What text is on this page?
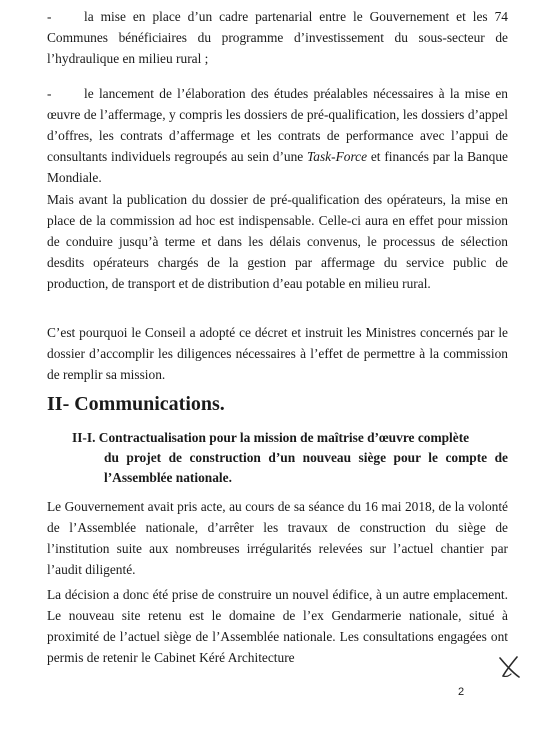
-	la mise en place d’un cadre partenarial entre le Gouvernement et les 74 Communes bénéficiaires du programme d’investissement du sous-secteur de l’hydraulique en milieu rural ;

-	le lancement de l’élaboration des études préalables nécessaires à la mise en œuvre de l’affermage, y compris les dossiers de pré-qualification, les dossiers d’appel d’offres, les contrats d’affermage et les contrats de performance avec l’appui de consultants individuels regroupés au sein d’une Task-Force et financés par la Banque Mondiale.

Mais avant la publication du dossier de pré-qualification des opérateurs, la mise en place de la commission ad hoc est indispensable. Celle-ci aura en effet pour mission de conduire jusqu’à terme et dans les délais convenus, le processus de sélection desdits opérateurs chargés de la gestion par affermage du service public de production, de transport et de distribution d’eau potable en milieu rural.

C’est pourquoi le Conseil a adopté ce décret et instruit les Ministres concernés par le dossier d’accomplir les diligences nécessaires à l’effet de permettre à la commission de remplir sa mission.

II- Communications.
II-I. Contractualisation pour la mission de maîtrise d’œuvre complète
du projet de construction d’un nouveau siège pour le compte de l’Assemblée nationale.

Le Gouvernement avait pris acte, au cours de sa séance du 16 mai 2018, de la volonté de l’Assemblée nationale, d’arrêter les travaux de construction du siège de l’institution suite aux nombreuses irrégularités relevées sur l’actuel chantier par l’audit diligenté.

La décision a donc été prise de construire un nouvel édifice, à un autre emplacement. Le nouveau site retenu est le domaine de l’ex Gendarmerie nationale, situé à proximité de l’actuel siège de l’Assemblée nationale. Les consultations engagées ont permis de retenir le Cabinet Kéré Architecture

2
